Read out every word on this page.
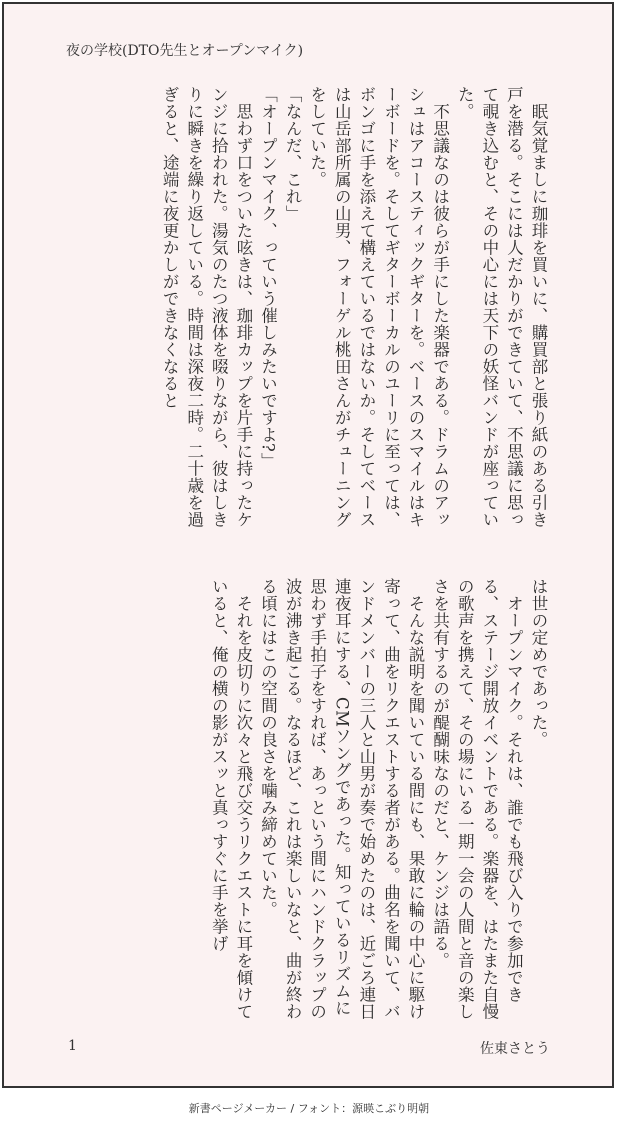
夜の学校(DTO先生とオープンマイク)

　眠気覚ましに珈琲を買いに、購買部と張り紙のある引き戸を潜る。そこには人だかりができていて、不思議に思って覗き込むと、その中心には天下の妖怪バンドが座っていた。

　不思議なのは彼らが手にした楽器である。ドラムのアッシュはアコースティックギターを。ベースのスマイルはキーボードを。そしてギターボーカルのユーリに至っては、ボンゴに手を添えて構えているではないか。そしてベースは山岳部所属の山男、フォーゲル桃田さんがチューニングをしていた。

「なんだ、これ」

「オープンマイク、っていう催しみたいですよ?」

　思わず口をついた呟きは、珈琲カップを片手に持ったケンジに拾われた。湯気のたつ液体を啜りながら、彼はしきりに瞬きを繰り返している。時間は深夜二時。二十歳を過ぎると、途端に夜更かしができなくなると

は世の定めであった。

　オープンマイク。それは、誰でも飛び入りで参加できる、ステージ開放イベントである。楽器を、はたまた自慢の歌声を携えて、その場にいる一期一会の人間と音の楽しさを共有するのが醍醐味なのだと、ケンジは語る。

　そんな説明を聞いている間にも、果敢に輪の中心に駆け寄って、曲をリクエストする者がある。曲名を聞いて、バンドメンバーの三人と山男が奏で始めたのは、近ごろ連日連夜耳にする、CMソングであった。知っているリズムに思わず手拍子をすれば、あっという間にハンドクラップの波が沸き起こる。なるほど、これは楽しいなと、曲が終わる頃にはこの空間の良さを噛み締めていた。

　それを皮切りに次々と飛び交うリクエストに耳を傾けていると、俺の横の影がスッと真っすぐに手を挙げ

1	佐東さとう
新書ページメーカー / フォント：源暎こぶり明朝
